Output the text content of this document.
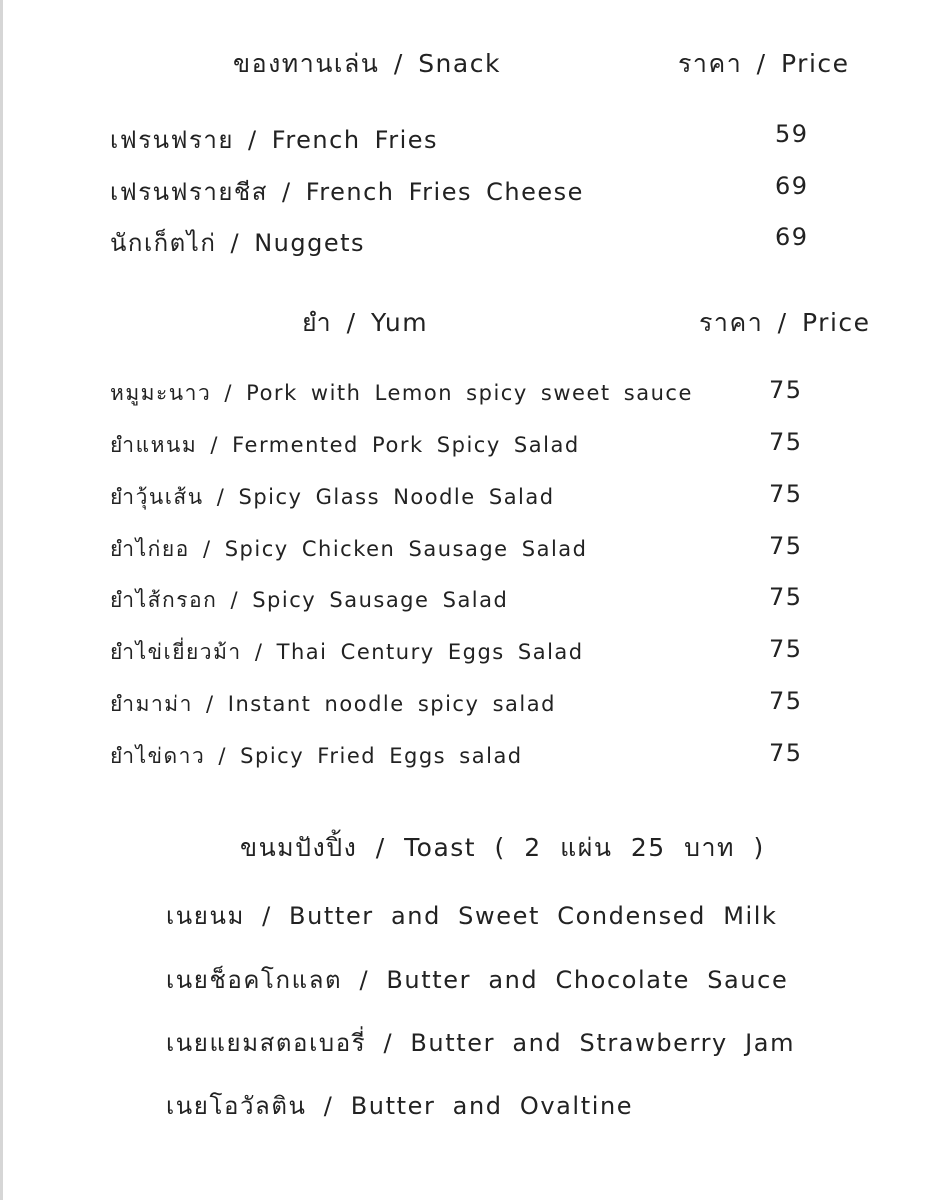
ของทานเล่น / Snack	ราคา / Price
เฟรนฟราย / French Fries	59
เฟรนฟรายชีส / French Fries Cheese	69
นักเก็ตไก่ / Nuggets	69
ยำ / Yum	ราคา / Price
หมูมะนาว / Pork with Lemon spicy sweet sauce	75
ยำแหนม / Fermented Pork Spicy Salad	75
ยำวุ้นเส้น / Spicy Glass Noodle Salad	75
ยำไก่ยอ / Spicy Chicken Sausage Salad	75
ยำไส้กรอก / Spicy Sausage Salad	75
ยำไข่เยี่ยวม้า / Thai Century Eggs Salad	75
ยำมาม่า / Instant noodle spicy salad	75
ยำไข่ดาว / Spicy Fried Eggs salad	75
ขนมปังปิ้ง / Toast ( 2 แผ่น 25 บาท )
เนยนม / Butter and Sweet Condensed Milk
เนยช็อคโกแลต / Butter and Chocolate Sauce
เนยแยมสตอเบอรี่ / Butter and Strawberry Jam
เนยโอวัลติน / Butter and Ovaltine
